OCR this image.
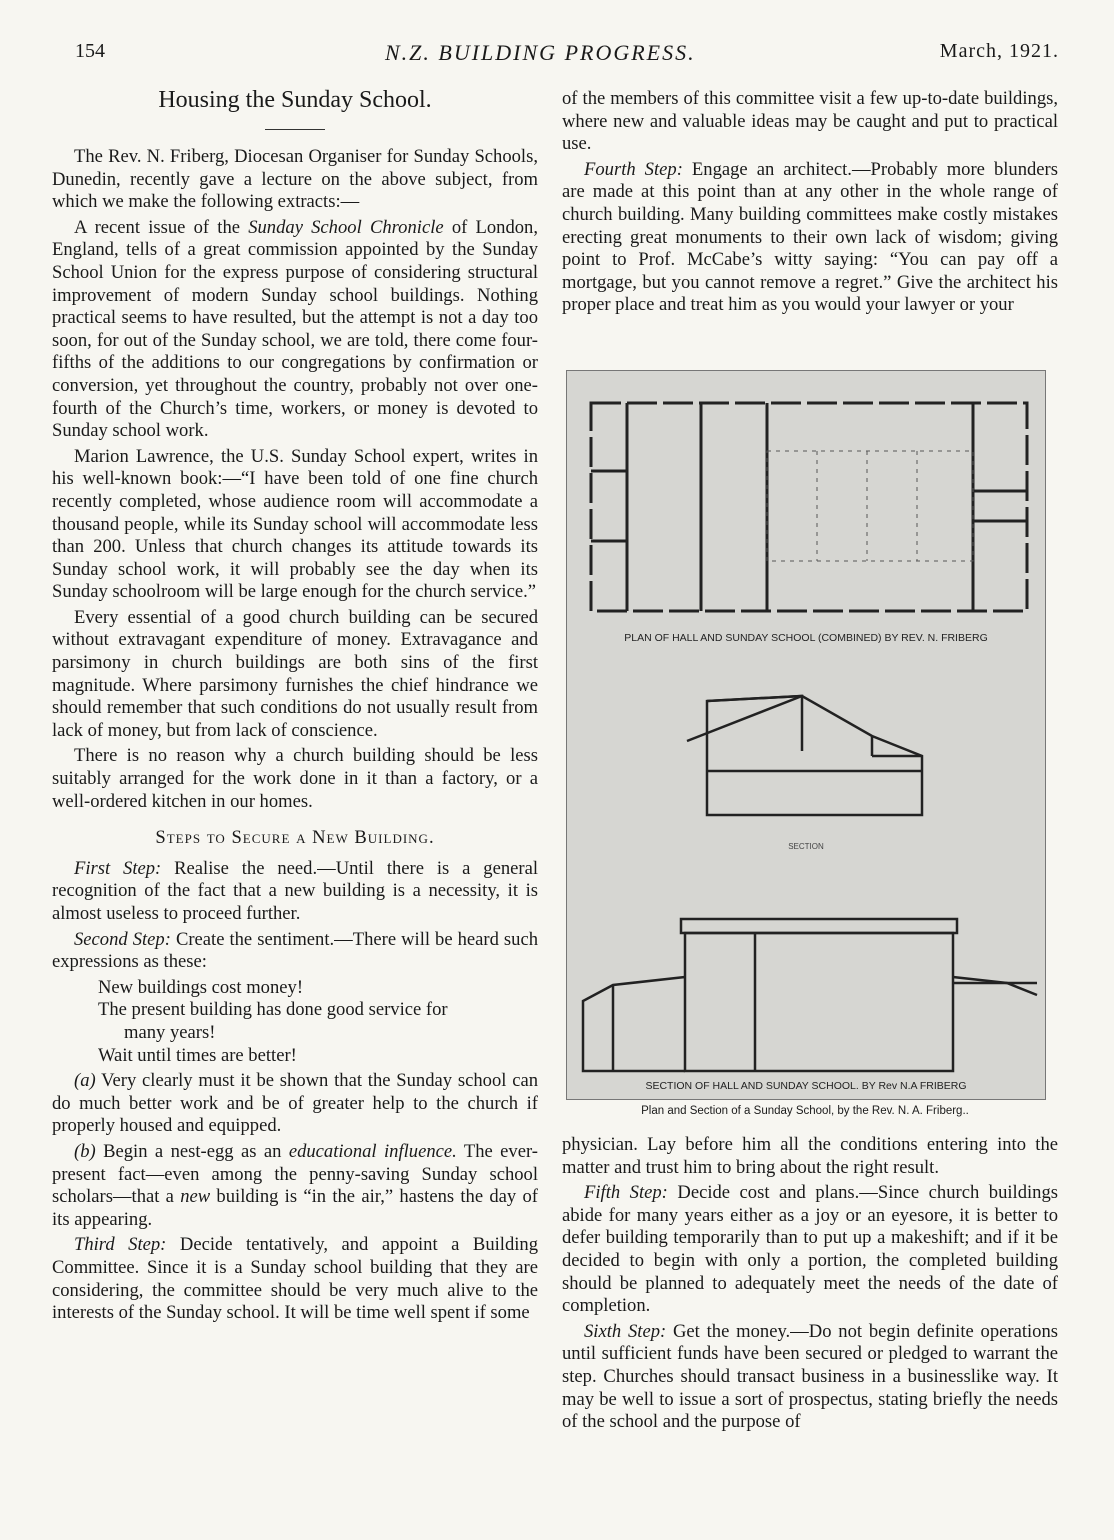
154	N.Z. BUILDING PROGRESS.	March, 1921.
Housing the Sunday School.

The Rev. N. Friberg, Diocesan Organiser for Sunday Schools, Dunedin, recently gave a lecture on the above subject, from which we make the following extracts:—

A recent issue of the Sunday School Chronicle of London, England, tells of a great commission appointed by the Sunday School Union for the express purpose of considering structural improvement of modern Sunday school buildings. Nothing practical seems to have resulted, but the attempt is not a day too soon, for out of the Sunday school, we are told, there come four-fifths of the additions to our congregations by confirmation or conversion, yet throughout the country, probably not over one-fourth of the Church’s time, workers, or money is devoted to Sunday school work.

Marion Lawrence, the U.S. Sunday School expert, writes in his well-known book:—“I have been told of one fine church recently completed, whose audience room will accommodate a thousand people, while its Sunday school will accommodate less than 200. Unless that church changes its attitude towards its Sunday school work, it will probably see the day when its Sunday schoolroom will be large enough for the church service.”

Every essential of a good church building can be secured without extravagant expenditure of money. Extravagance and parsimony in church buildings are both sins of the first magnitude. Where parsimony furnishes the chief hindrance we should remember that such conditions do not usually result from lack of money, but from lack of conscience.

There is no reason why a church building should be less suitably arranged for the work done in it than a factory, or a well-ordered kitchen in our homes.

Steps to Secure a New Building.

First Step: Realise the need.—Until there is a general recognition of the fact that a new building is a necessity, it is almost useless to proceed further.

Second Step: Create the sentiment.—There will be heard such expressions as these:

New buildings cost money!
The present building has done good service for
many years!
Wait until times are better!

(a) Very clearly must it be shown that the Sunday school can do much better work and be of greater help to the church if properly housed and equipped.

(b) Begin a nest-egg as an educational influence. The ever-present fact—even among the penny-saving Sunday school scholars—that a new building is “in the air,” hastens the day of its appearing.

Third Step: Decide tentatively, and appoint a Building Committee. Since it is a Sunday school building that they are considering, the committee should be very much alive to the interests of the Sunday school. It will be time well spent if some

of the members of this committee visit a few up-to-date buildings, where new and valuable ideas may be caught and put to practical use.

Fourth Step: Engage an architect.—Probably more blunders are made at this point than at any other in the whole range of church building. Many building committees make costly mistakes erecting great monuments to their own lack of wisdom; giving point to Prof. McCabe’s witty saying: “You can pay off a mortgage, but you cannot remove a regret.” Give the architect his proper place and treat him as you would your lawyer or your

PLAN OF HALL AND SUNDAY SCHOOL (COMBINED) BY REV. N. FRIBERG
SECTION
SECTION OF HALL AND SUNDAY SCHOOL. BY Rev N.A FRIBERG
Plan and Section of a Sunday School, by the Rev. N. A. Friberg..

physician. Lay before him all the conditions entering into the matter and trust him to bring about the right result.

Fifth Step: Decide cost and plans.—Since church buildings abide for many years either as a joy or an eyesore, it is better to defer building temporarily than to put up a makeshift; and if it be decided to begin with only a portion, the completed building should be planned to adequately meet the needs of the date of completion.

Sixth Step: Get the money.—Do not begin definite operations until sufficient funds have been secured or pledged to warrant the step. Churches should transact business in a businesslike way. It may be well to issue a sort of prospectus, stating briefly the needs of the school and the purpose of
